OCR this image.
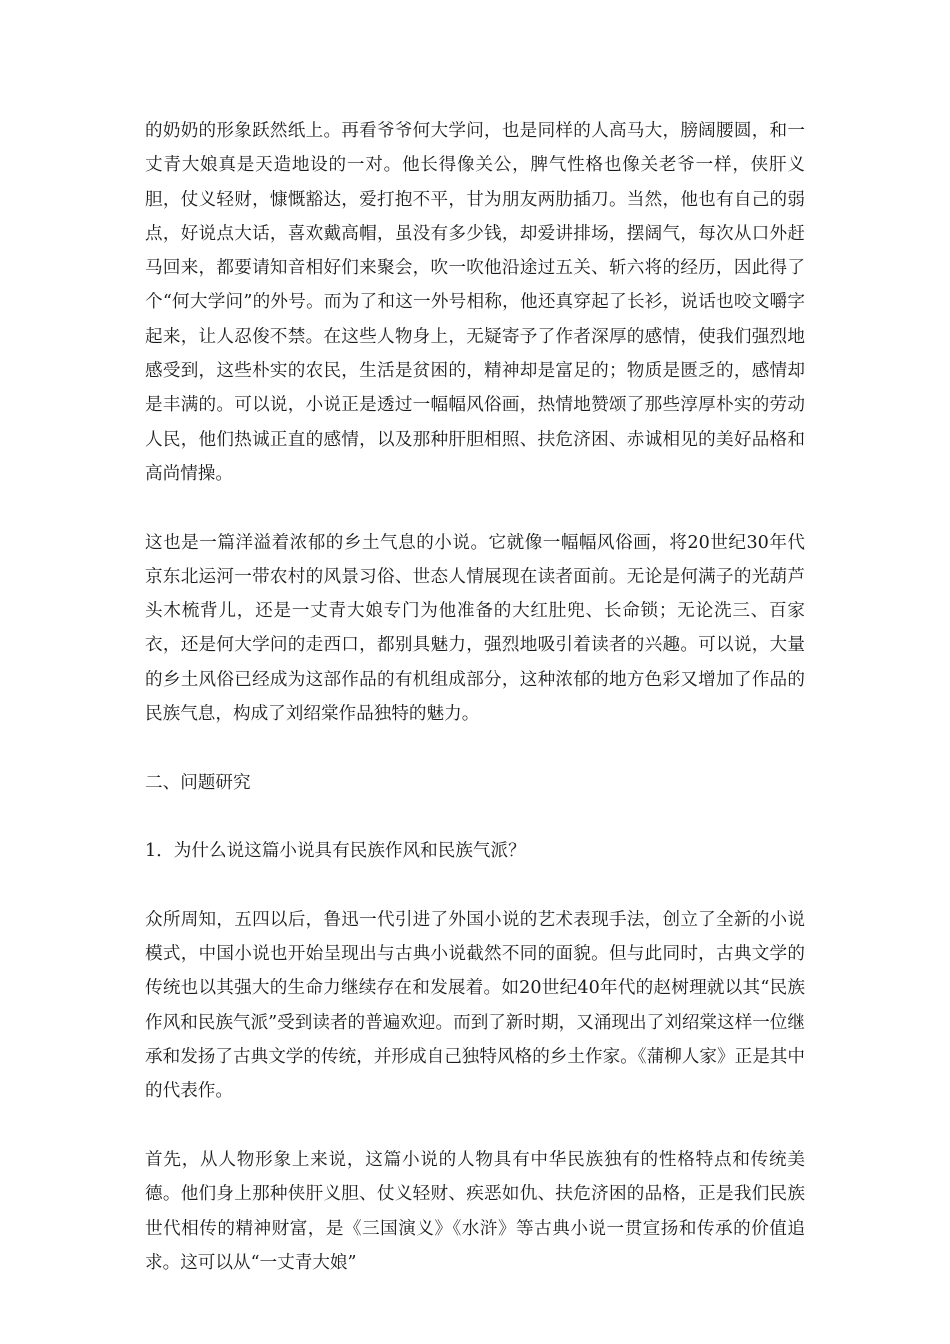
的奶奶的形象跃然纸上。再看爷爷何大学问，也是同样的人高马大，膀阔腰圆，和一丈青大娘真是天造地设的一对。他长得像关公，脾气性格也像关老爷一样，侠肝义胆，仗义轻财，慷慨豁达，爱打抱不平，甘为朋友两肋插刀。当然，他也有自己的弱点，好说点大话，喜欢戴高帽，虽没有多少钱，却爱讲排场，摆阔气，每次从口外赶马回来，都要请知音相好们来聚会，吹一吹他沿途过五关、斩六将的经历，因此得了个“何大学问”的外号。而为了和这一外号相称，他还真穿起了长衫，说话也咬文嚼字起来，让人忍俊不禁。在这些人物身上，无疑寄予了作者深厚的感情，使我们强烈地感受到，这些朴实的农民，生活是贫困的，精神却是富足的；物质是匮乏的，感情却是丰满的。可以说，小说正是透过一幅幅风俗画，热情地赞颂了那些淳厚朴实的劳动人民，他们热诚正直的感情，以及那种肝胆相照、扶危济困、赤诚相见的美好品格和高尚情操。

这也是一篇洋溢着浓郁的乡土气息的小说。它就像一幅幅风俗画，将20世纪30年代京东北运河一带农村的风景习俗、世态人情展现在读者面前。无论是何满子的光葫芦头木梳背儿，还是一丈青大娘专门为他准备的大红肚兜、长命锁；无论洗三、百家衣，还是何大学问的走西口，都别具魅力，强烈地吸引着读者的兴趣。可以说，大量的乡土风俗已经成为这部作品的有机组成部分，这种浓郁的地方色彩又增加了作品的民族气息，构成了刘绍棠作品独特的魅力。

二、问题研究

1．为什么说这篇小说具有民族作风和民族气派？

众所周知，五四以后，鲁迅一代引进了外国小说的艺术表现手法，创立了全新的小说模式，中国小说也开始呈现出与古典小说截然不同的面貌。但与此同时，古典文学的传统也以其强大的生命力继续存在和发展着。如20世纪40年代的赵树理就以其“民族作风和民族气派”受到读者的普遍欢迎。而到了新时期，又涌现出了刘绍棠这样一位继承和发扬了古典文学的传统，并形成自己独特风格的乡土作家。《蒲柳人家》正是其中的代表作。

首先，从人物形象上来说，这篇小说的人物具有中华民族独有的性格特点和传统美德。他们身上那种侠肝义胆、仗义轻财、疾恶如仇、扶危济困的品格，正是我们民族世代相传的精神财富，是《三国演义》《水浒》等古典小说一贯宣扬和传承的价值追求。这可以从“一丈青大娘”
